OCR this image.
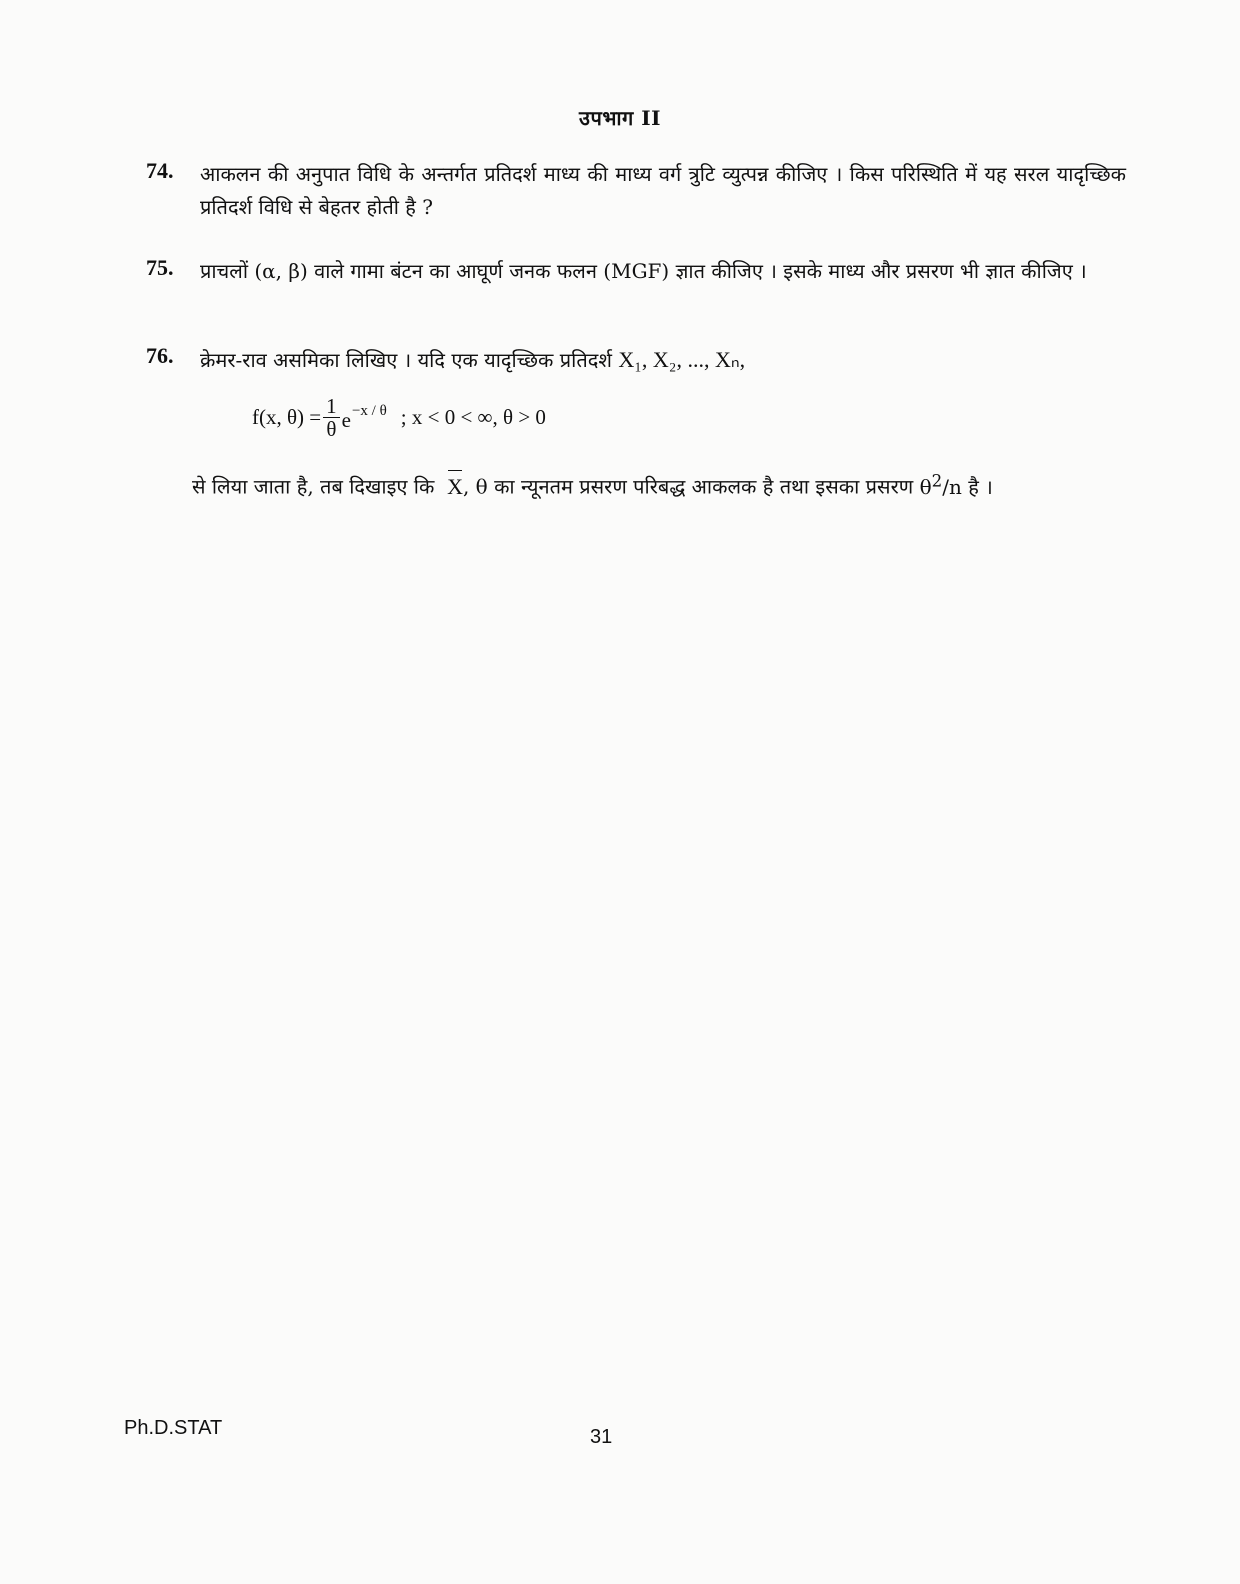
उपभाग II
74. आकलन की अनुपात विधि के अन्तर्गत प्रतिदर्श माध्य की माध्य वर्ग त्रुटि व्युत्पन्न कीजिए । किस परिस्थिति में यह सरल यादृच्छिक प्रतिदर्श विधि से बेहतर होती है ?
75. प्राचलों (α, β) वाले गामा बंटन का आघूर्ण जनक फलन (MGF) ज्ञात कीजिए । इसके माध्य और प्रसरण भी ज्ञात कीजिए ।
76. क्रेमर-राव असमिका लिखिए । यदि एक यादृच्छिक प्रतिदर्श X₁, X₂, ..., Xₙ,
f(x, $\theta) = \frac{1}{\theta} e^{-x / \theta}$ ; x < 0 < ∞, θ > 0
से लिया जाता है, तब दिखाइए कि X, θ का न्यूनतम प्रसरण परिबद्ध आकलक है तथा इसका प्रसरण $\theta^2/n$ है ।
Ph.D.STAT	31
